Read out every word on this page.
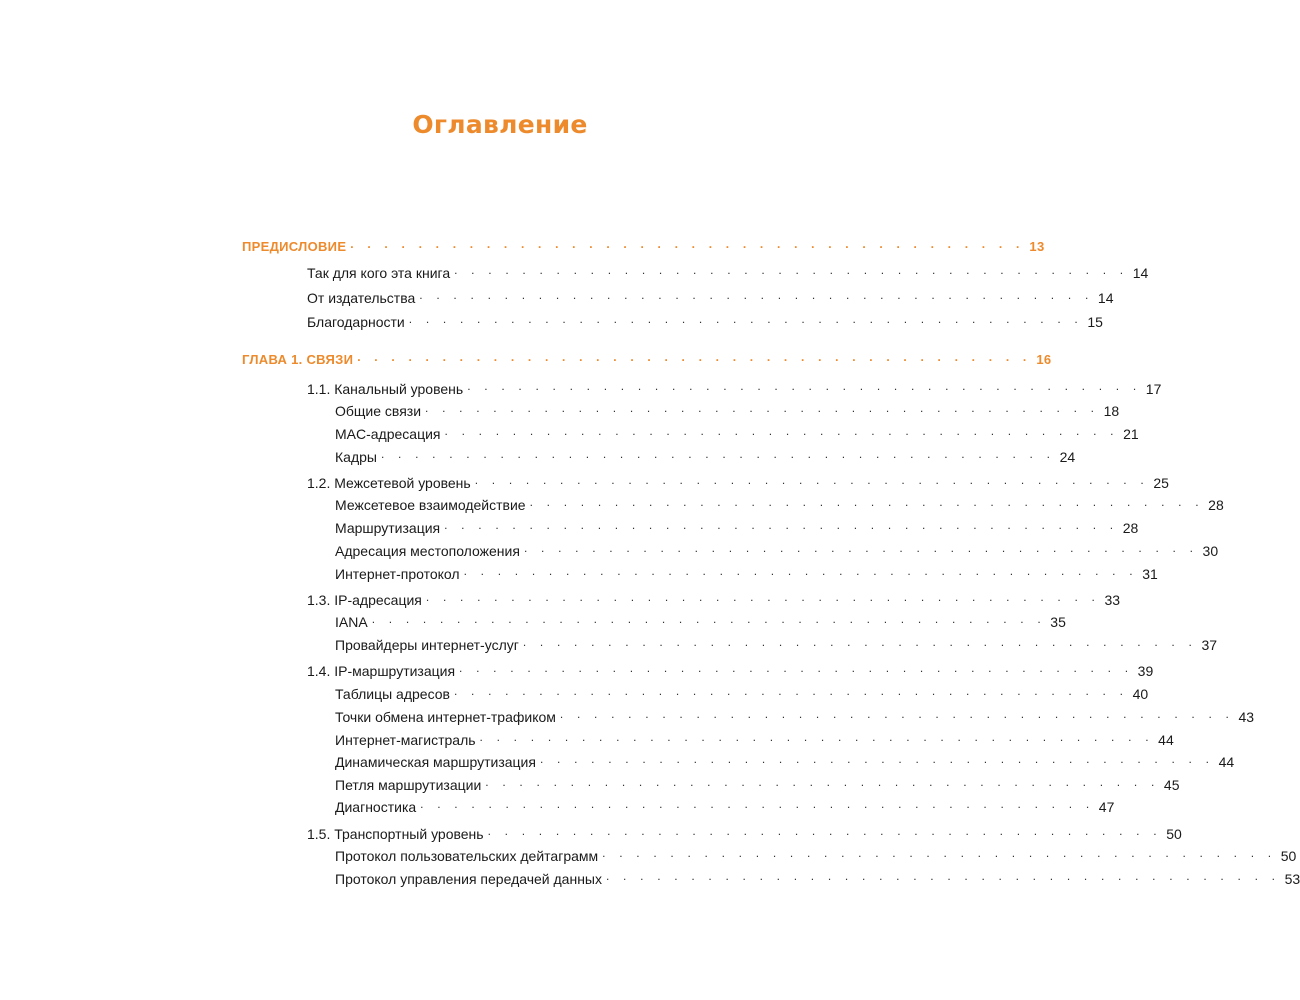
Оглавление
ПРЕДИСЛОВИЕ . . . . . . . . . . . . . . . . . . . . . . . . . . . . . . . . . . . . . . . . 13
Так для кого эта книга . . . . . . . . . . . . . . . . . . . . . . . . . . . . . . . . . . . . . . . . 14
От издательства . . . . . . . . . . . . . . . . . . . . . . . . . . . . . . . . . . . . . . . . 14
Благодарности . . . . . . . . . . . . . . . . . . . . . . . . . . . . . . . . . . . . . . . . 15
ГЛАВА 1. СВЯЗИ . . . . . . . . . . . . . . . . . . . . . . . . . . . . . . . . . . . . . . . . 16
1.1. Канальный уровень . . . . . . . . . . . . . . . . . . . . . . . . . . . . . . . . . . . . . . . . 17
Общие связи . . . . . . . . . . . . . . . . . . . . . . . . . . . . . . . . . . . . . . . . 18
MAC-адресация . . . . . . . . . . . . . . . . . . . . . . . . . . . . . . . . . . . . . . . . 21
Кадры . . . . . . . . . . . . . . . . . . . . . . . . . . . . . . . . . . . . . . . . 24
1.2. Межсетевой уровень . . . . . . . . . . . . . . . . . . . . . . . . . . . . . . . . . . . . . . . . 25
Межсетевое взаимодействие . . . . . . . . . . . . . . . . . . . . . . . . . . . . . . . . . . . . . . . . 28
Маршрутизация . . . . . . . . . . . . . . . . . . . . . . . . . . . . . . . . . . . . . . . . 28
Адресация местоположения . . . . . . . . . . . . . . . . . . . . . . . . . . . . . . . . . . . . . . . . 30
Интернет-протокол . . . . . . . . . . . . . . . . . . . . . . . . . . . . . . . . . . . . . . . . 31
1.3. IP-адресация . . . . . . . . . . . . . . . . . . . . . . . . . . . . . . . . . . . . . . . . 33
IANA . . . . . . . . . . . . . . . . . . . . . . . . . . . . . . . . . . . . . . . . 35
Провайдеры интернет-услуг . . . . . . . . . . . . . . . . . . . . . . . . . . . . . . . . . . . . . . . . 37
1.4. IP-маршрутизация . . . . . . . . . . . . . . . . . . . . . . . . . . . . . . . . . . . . . . . . 39
Таблицы адресов . . . . . . . . . . . . . . . . . . . . . . . . . . . . . . . . . . . . . . . . 40
Точки обмена интернет-трафиком . . . . . . . . . . . . . . . . . . . . . . . . . . . . . . . . . . . . . . . . 43
Интернет-магистраль . . . . . . . . . . . . . . . . . . . . . . . . . . . . . . . . . . . . . . . . 44
Динамическая маршрутизация . . . . . . . . . . . . . . . . . . . . . . . . . . . . . . . . . . . . . . . . 44
Петля маршрутизации . . . . . . . . . . . . . . . . . . . . . . . . . . . . . . . . . . . . . . . . 45
Диагностика . . . . . . . . . . . . . . . . . . . . . . . . . . . . . . . . . . . . . . . . 47
1.5. Транспортный уровень . . . . . . . . . . . . . . . . . . . . . . . . . . . . . . . . . . . . . . . . 50
Протокол пользовательских дейтаграмм . . . . . . . . . . . . . . . . . . . . . . . . . . . . . . . . . . . . . . . . 50
Протокол управления передачей данных . . . . . . . . . . . . . . . . . . . . . . . . . . . . . . . . . . . . . . . . 53
